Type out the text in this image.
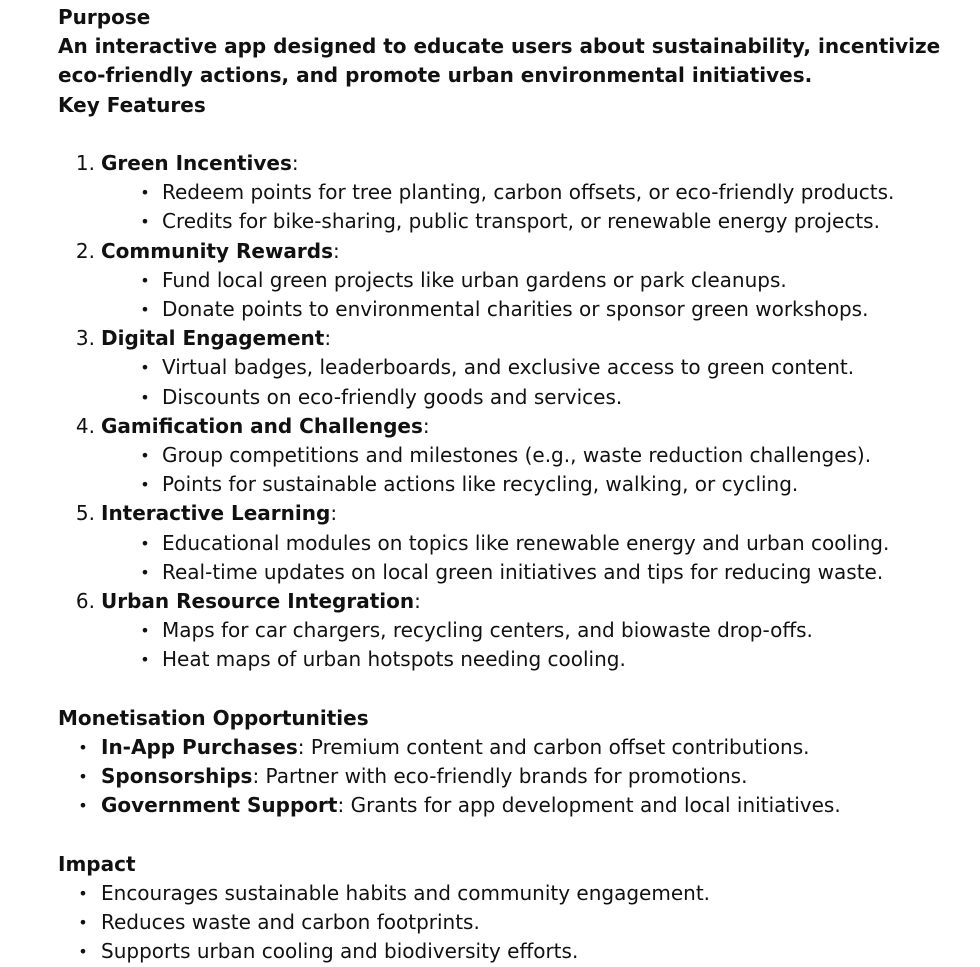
Purpose
An interactive app designed to educate users about sustainability, incentivize eco-friendly actions, and promote urban environmental initiatives.
Key Features
1. Green Incentives:
• Redeem points for tree planting, carbon offsets, or eco-friendly products.
• Credits for bike-sharing, public transport, or renewable energy projects.
2. Community Rewards:
• Fund local green projects like urban gardens or park cleanups.
• Donate points to environmental charities or sponsor green workshops.
3. Digital Engagement:
• Virtual badges, leaderboards, and exclusive access to green content.
• Discounts on eco-friendly goods and services.
4. Gamification and Challenges:
• Group competitions and milestones (e.g., waste reduction challenges).
• Points for sustainable actions like recycling, walking, or cycling.
5. Interactive Learning:
• Educational modules on topics like renewable energy and urban cooling.
• Real-time updates on local green initiatives and tips for reducing waste.
6. Urban Resource Integration:
• Maps for car chargers, recycling centers, and biowaste drop-offs.
• Heat maps of urban hotspots needing cooling.
Monetisation Opportunities
• In-App Purchases: Premium content and carbon offset contributions.
• Sponsorships: Partner with eco-friendly brands for promotions.
• Government Support: Grants for app development and local initiatives.
Impact
• Encourages sustainable habits and community engagement.
• Reduces waste and carbon footprints.
• Supports urban cooling and biodiversity efforts.
